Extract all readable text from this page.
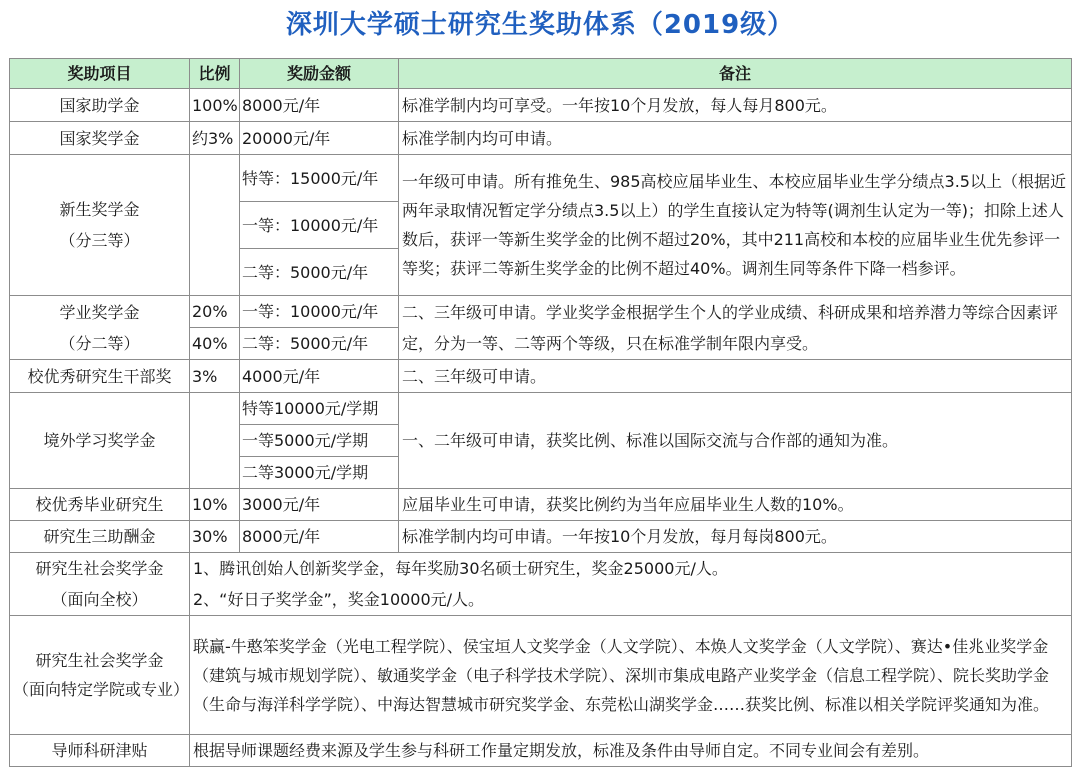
深圳大学硕士研究生奖助体系（2019级）
奖助项目	比例	奖励金额	备注
国家助学金	100%	8000元/年	标准学制内均可享受。一年按10个月发放，每人每月800元。
国家奖学金	约3%	20000元/年	标准学制内均可申请。

新生奖学金
（分三等）		特等：15000元/年	一年级可申请。所有推免生、985高校应届毕业生、本校应届毕业生学分绩点3.5以上（根据近两年录取情况暂定学分绩点3.5以上）的学生直接认定为特等(调剂生认定为一等)；扣除上述人数后，获评一等新生奖学金的比例不超过20%，其中211高校和本校的应届毕业生优先参评一等奖；获评二等新生奖学金的比例不超过40%。调剂生同等条件下降一档参评。
		一等：10000元/年	
		二等：5000元/年	

学业奖学金
（分二等）	20%	一等：10000元/年	二、三年级可申请。学业奖学金根据学生个人的学业成绩、科研成果和培养潜力等综合因素评定，分为一等、二等两个等级，只在标准学制年限内享受。
	40%	二等：5000元/年	
校优秀研究生干部奖	3%	4000元/年	二、三年级可申请。
境外学习奖学金		特等10000元/学期	一、二年级可申请，获奖比例、标准以国际交流与合作部的通知为准。
		一等5000元/学期	
		二等3000元/学期	
校优秀毕业研究生	10%	3000元/年	应届毕业生可申请，获奖比例约为当年应届毕业生人数的10%。
研究生三助酬金	30%	8000元/年	标准学制内均可申请。一年按10个月发放，每月每岗800元。

研究生社会奖学金
（面向全校）	1、腾讯创始人创新奖学金，每年奖励30名硕士研究生，奖金25000元/人。
2、“好日子奖学金”，奖金10000元/人。		

研究生社会奖学金
（面向特定学院或专业）	联赢-牛憨笨奖学金（光电工程学院）、侯宝垣人文奖学金（人文学院）、本焕人文奖学金（人文学院）、赛达•佳兆业奖学金（建筑与城市规划学院）、敏通奖学金（电子科学技术学院）、深圳市集成电路产业奖学金（信息工程学院）、院长奖助学金（生命与海洋科学学院）、中海达智慧城市研究奖学金、东莞松山湖奖学金……获奖比例、标准以相关学院评奖通知为准。		
导师科研津贴	根据导师课题经费来源及学生参与科研工作量定期发放，标准及条件由导师自定。不同专业间会有差别。		
